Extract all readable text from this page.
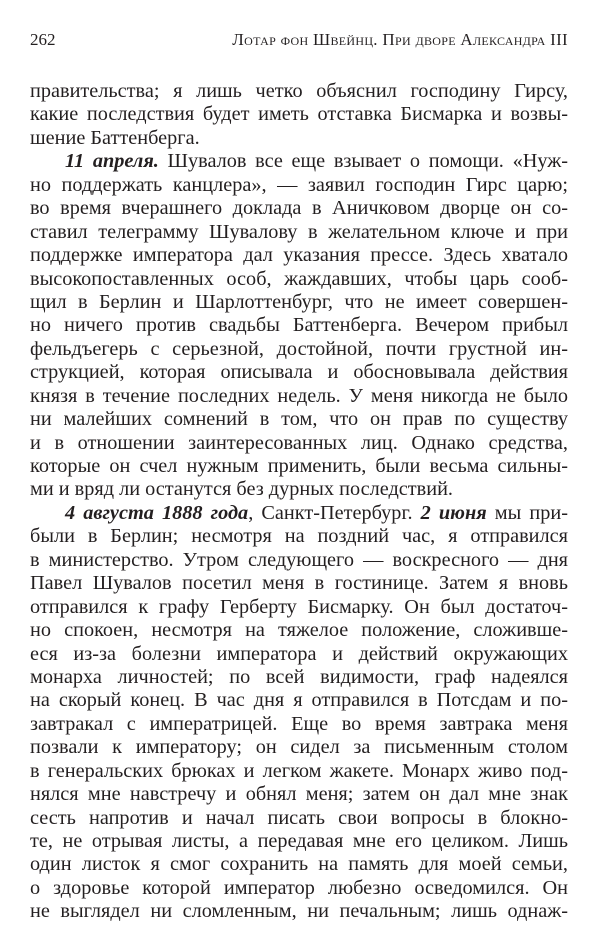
262	Лотар фон Швейнц. При дворе Александра III
правительства; я лишь четко объяснил господину Гирсу,
какие последствия будет иметь отставка Бисмарка и возвы-
шение Баттенберга.
11 апреля. Шувалов все еще взывает о помощи. «Нуж-
но поддержать канцлера», — заявил господин Гирс царю;
во время вчерашнего доклада в Аничковом дворце он со-
ставил телеграмму Шувалову в желательном ключе и при
поддержке императора дал указания прессе. Здесь хватало
высокопоставленных особ, жаждавших, чтобы царь сооб-
щил в Берлин и Шарлоттенбург, что не имеет совершен-
но ничего против свадьбы Баттенберга. Вечером прибыл
фельдъегерь с серьезной, достойной, почти грустной ин-
струкцией, которая описывала и обосновывала действия
князя в течение последних недель. У меня никогда не было
ни малейших сомнений в том, что он прав по существу
и в отношении заинтересованных лиц. Однако средства,
которые он счел нужным применить, были весьма сильны-
ми и вряд ли останутся без дурных последствий.
4 августа 1888 года, Санкт-Петербург. 2 июня мы при-
были в Берлин; несмотря на поздний час, я отправился
в министерство. Утром следующего — воскресного — дня
Павел Шувалов посетил меня в гостинице. Затем я вновь
отправился к графу Герберту Бисмарку. Он был достаточ-
но спокоен, несмотря на тяжелое положение, сложивше-
еся из-за болезни императора и действий окружающих
монарха личностей; по всей видимости, граф надеялся
на скорый конец. В час дня я отправился в Потсдам и по-
завтракал с императрицей. Еще во время завтрака меня
позвали к императору; он сидел за письменным столом
в генеральских брюках и легком жакете. Монарх живо под-
нялся мне навстречу и обнял меня; затем он дал мне знак
сесть напротив и начал писать свои вопросы в блокно-
те, не отрывая листы, а передавая мне его целиком. Лишь
один листок я смог сохранить на память для моей семьи,
о здоровье которой император любезно осведомился. Он
не выглядел ни сломленным, ни печальным; лишь однаж-
